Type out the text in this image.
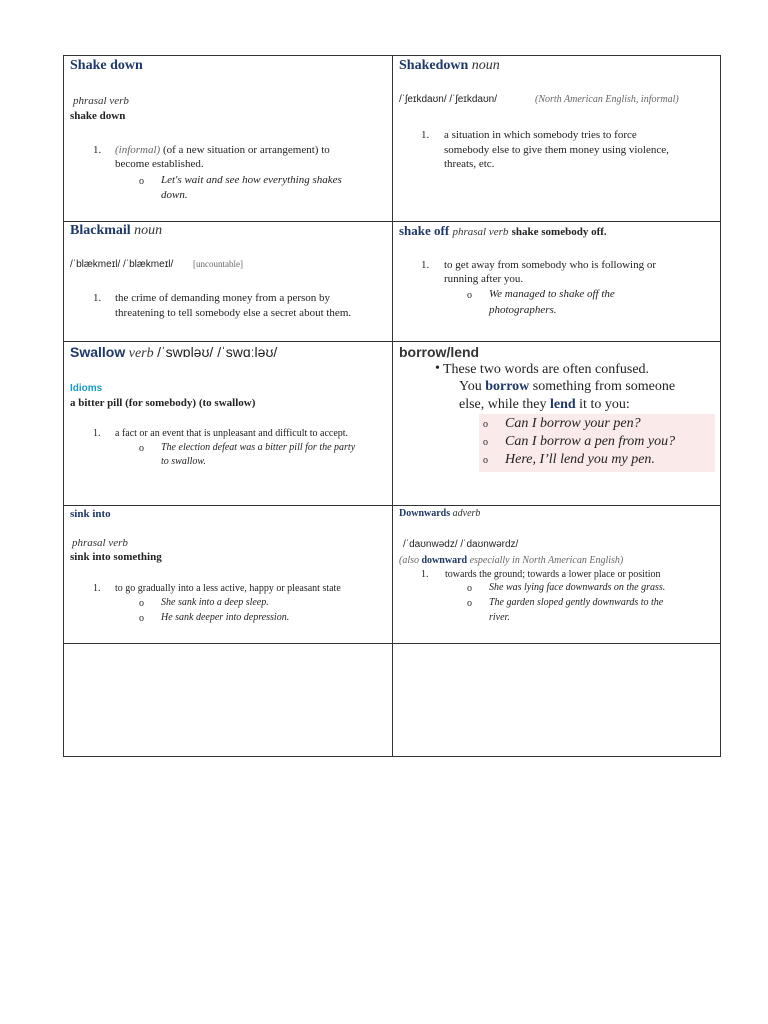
Shake down
phrasal verb
shake down
1. (informal) (of a new situation or arrangement) to
become established.
o Let's wait and see how everything shakes
down.
Shakedown noun
/ˈʃeɪkdaʊn/ /ˈʃeɪkdaʊn/	(North American English, informal)
1. a situation in which somebody tries to force
somebody else to give them money using violence,
threats, etc.
Blackmail noun
/ˈblækmeɪl/ /ˈblækmeɪl/ [uncountable]
1. the crime of demanding money from a person by
threatening to tell somebody else a secret about them.
shake off phrasal verb shake somebody off.
1. to get away from somebody who is following or
running after you.
o We managed to shake off the
photographers.
Swallow verb /ˈswɒləʊ/ /ˈswɑːləʊ/
Idioms
a bitter pill (for somebody) (to swallow)
1. a fact or an event that is unpleasant and difficult to accept.
o The election defeat was a bitter pill for the party
to swallow.
borrow/lend
• These two words are often confused.
You borrow something from someone
else, while they lend it to you:
o Can I borrow your pen?
o Can I borrow a pen from you?
o Here, I’ll lend you my pen.
sink into
phrasal verb
sink into something
1. to go gradually into a less active, happy or pleasant state
o She sank into a deep sleep.
o He sank deeper into depression.
Downwards adverb
/ˈdaʊnwədz/ /ˈdaʊnwərdz/
(also downward especially in North American English)
1. towards the ground; towards a lower place or position
o She was lying face downwards on the grass.
o The garden sloped gently downwards to the
river.
